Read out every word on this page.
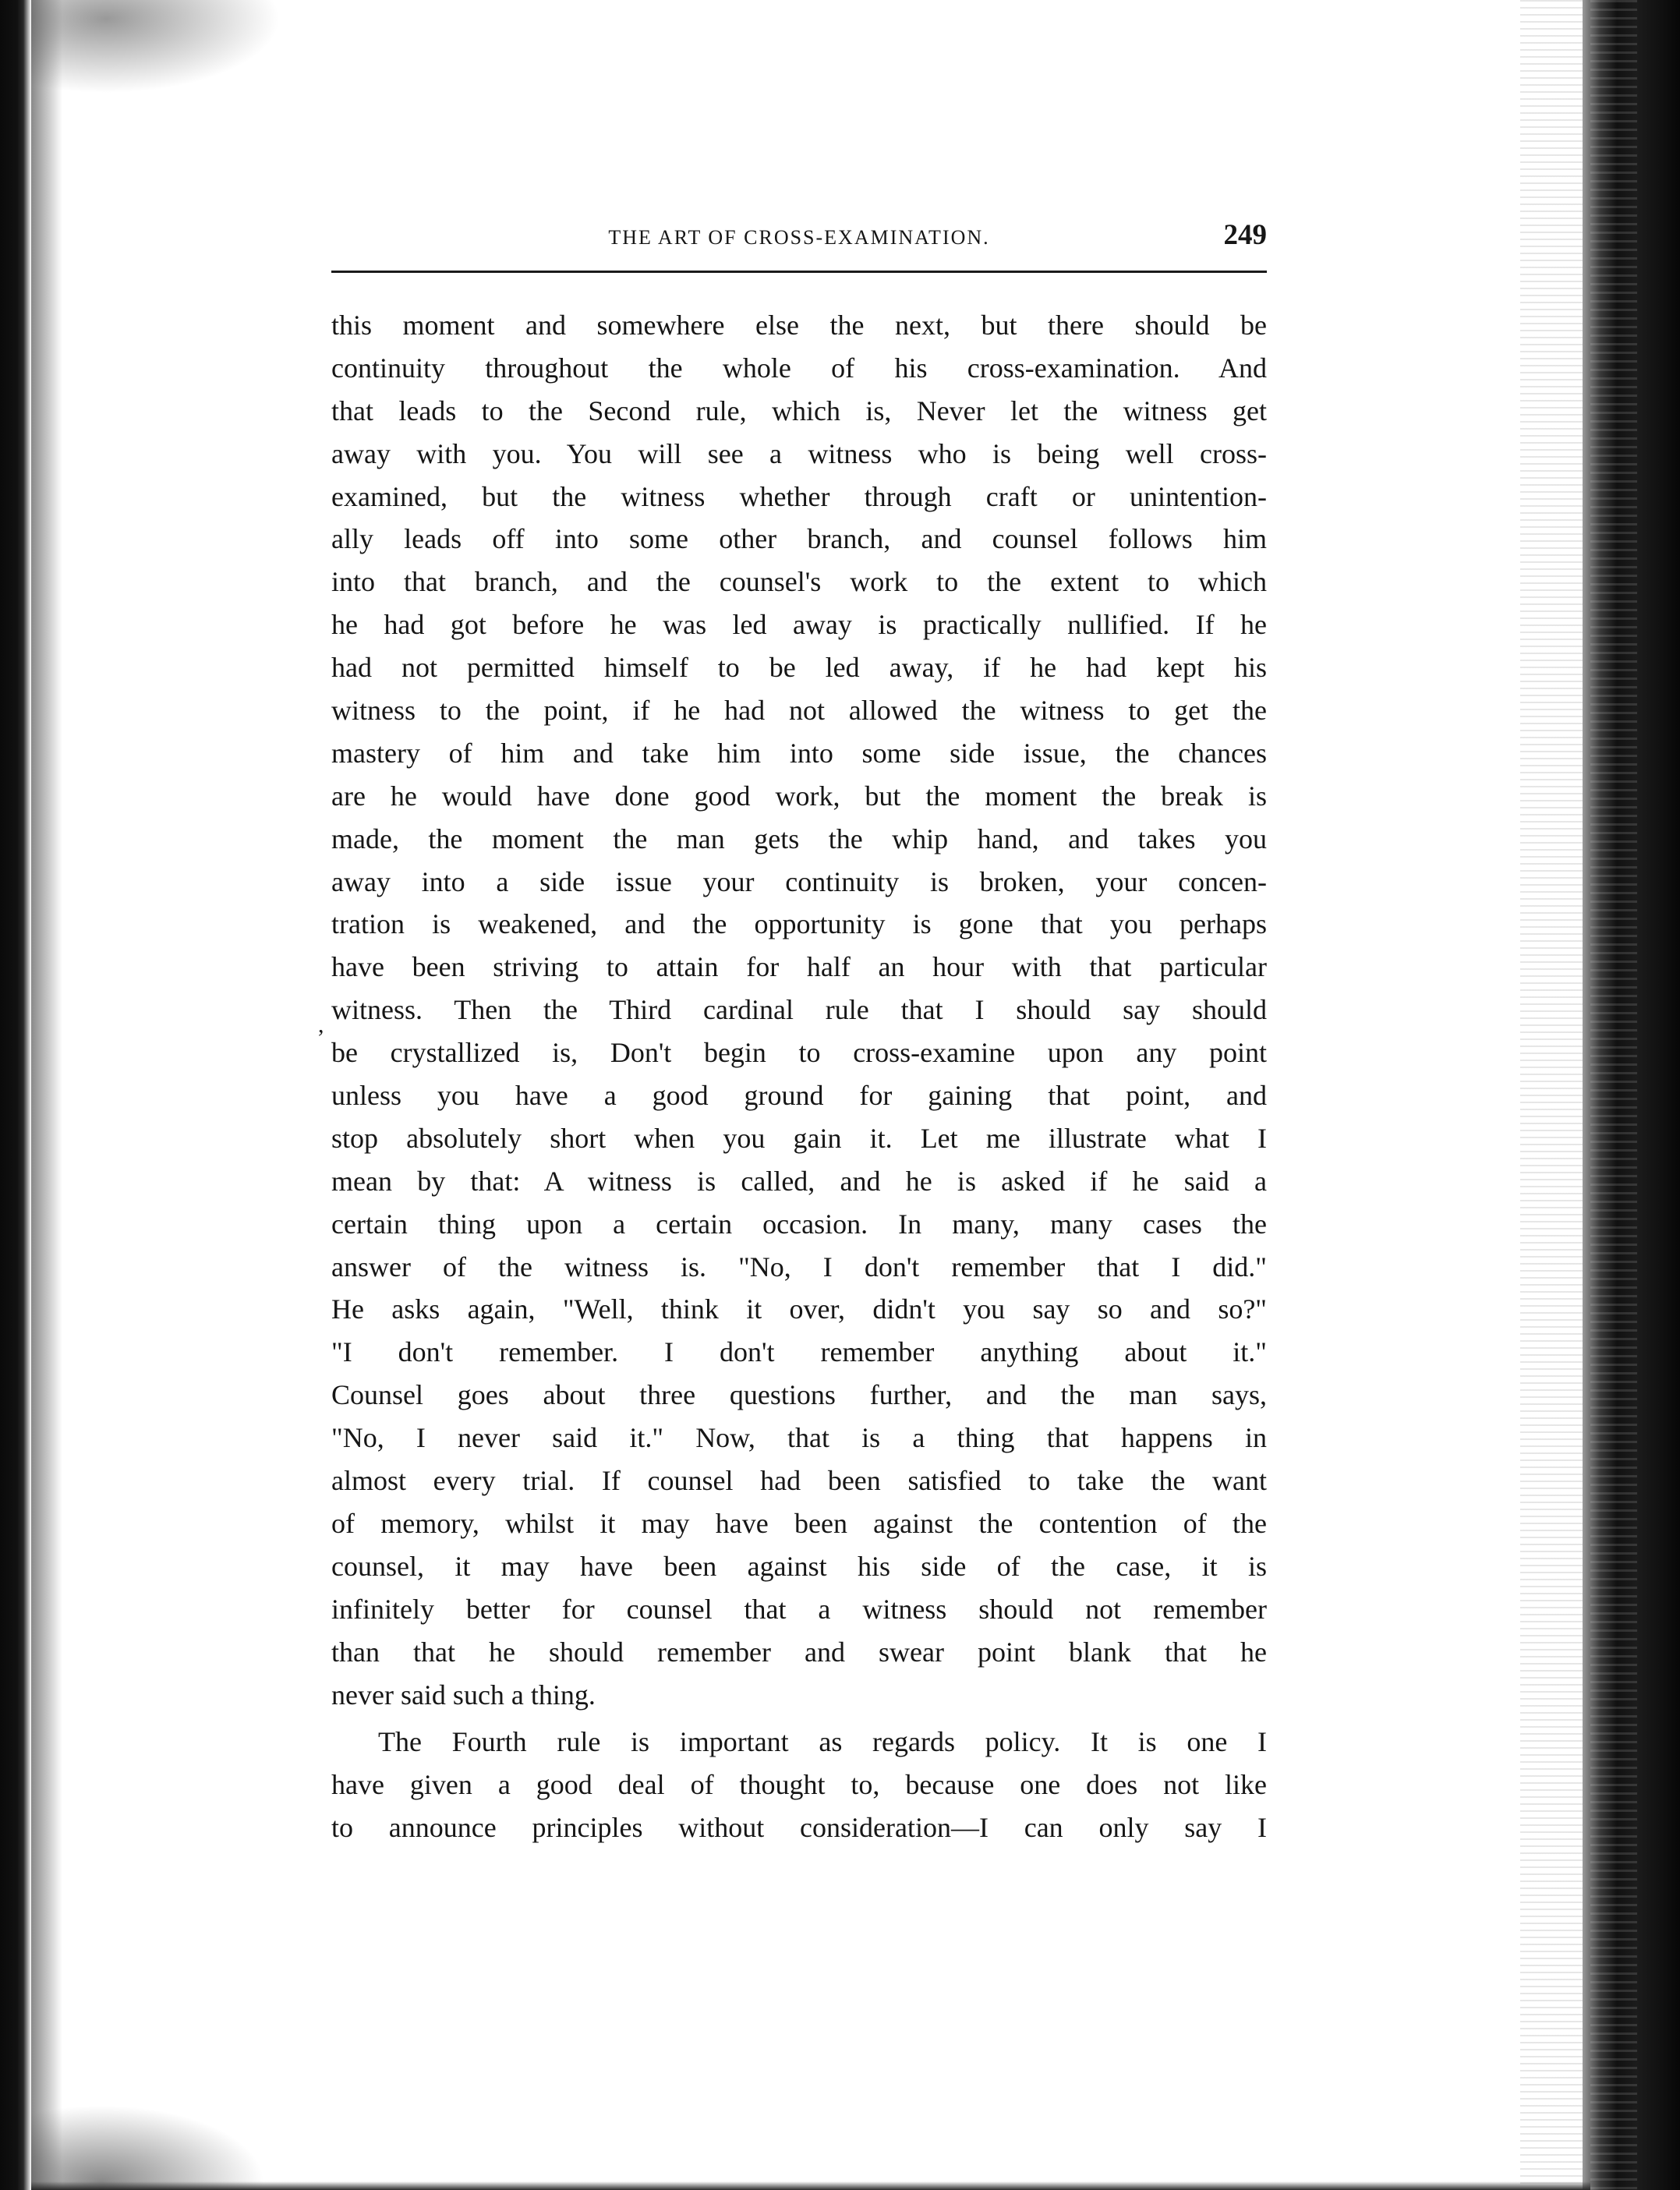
THE ART OF CROSS-EXAMINATION.	249
,
this moment and somewhere else the next, but there should be
continuity throughout the whole of his cross-examination. And
that leads to the Second rule, which is, Never let the witness get
away with you. You will see a witness who is being well cross-
examined, but the witness whether through craft or unintention-
ally leads off into some other branch, and counsel follows him
into that branch, and the counsel's work to the extent to which
he had got before he was led away is practically nullified. If he
had not permitted himself to be led away, if he had kept his
witness to the point, if he had not allowed the witness to get the
mastery of him and take him into some side issue, the chances
are he would have done good work, but the moment the break is
made, the moment the man gets the whip hand, and takes you
away into a side issue your continuity is broken, your concen-
tration is weakened, and the opportunity is gone that you perhaps
have been striving to attain for half an hour with that particular
witness. Then the Third cardinal rule that I should say should
be crystallized is, Don't begin to cross-examine upon any point
unless you have a good ground for gaining that point, and
stop absolutely short when you gain it. Let me illustrate what I
mean by that: A witness is called, and he is asked if he said a
certain thing upon a certain occasion. In many, many cases the
answer of the witness is. "No, I don't remember that I did."
He asks again, "Well, think it over, didn't you say so and so?"
"I don't remember. I don't remember anything about it."
Counsel goes about three questions further, and the man says,
"No, I never said it." Now, that is a thing that happens in
almost every trial. If counsel had been satisfied to take the want
of memory, whilst it may have been against the contention of the
counsel, it may have been against his side of the case, it is
infinitely better for counsel that a witness should not remember
than that he should remember and swear point blank that he
never said such a thing.
The Fourth rule is important as regards policy. It is one I
have given a good deal of thought to, because one does not like
to announce principles without consideration—I can only say I
